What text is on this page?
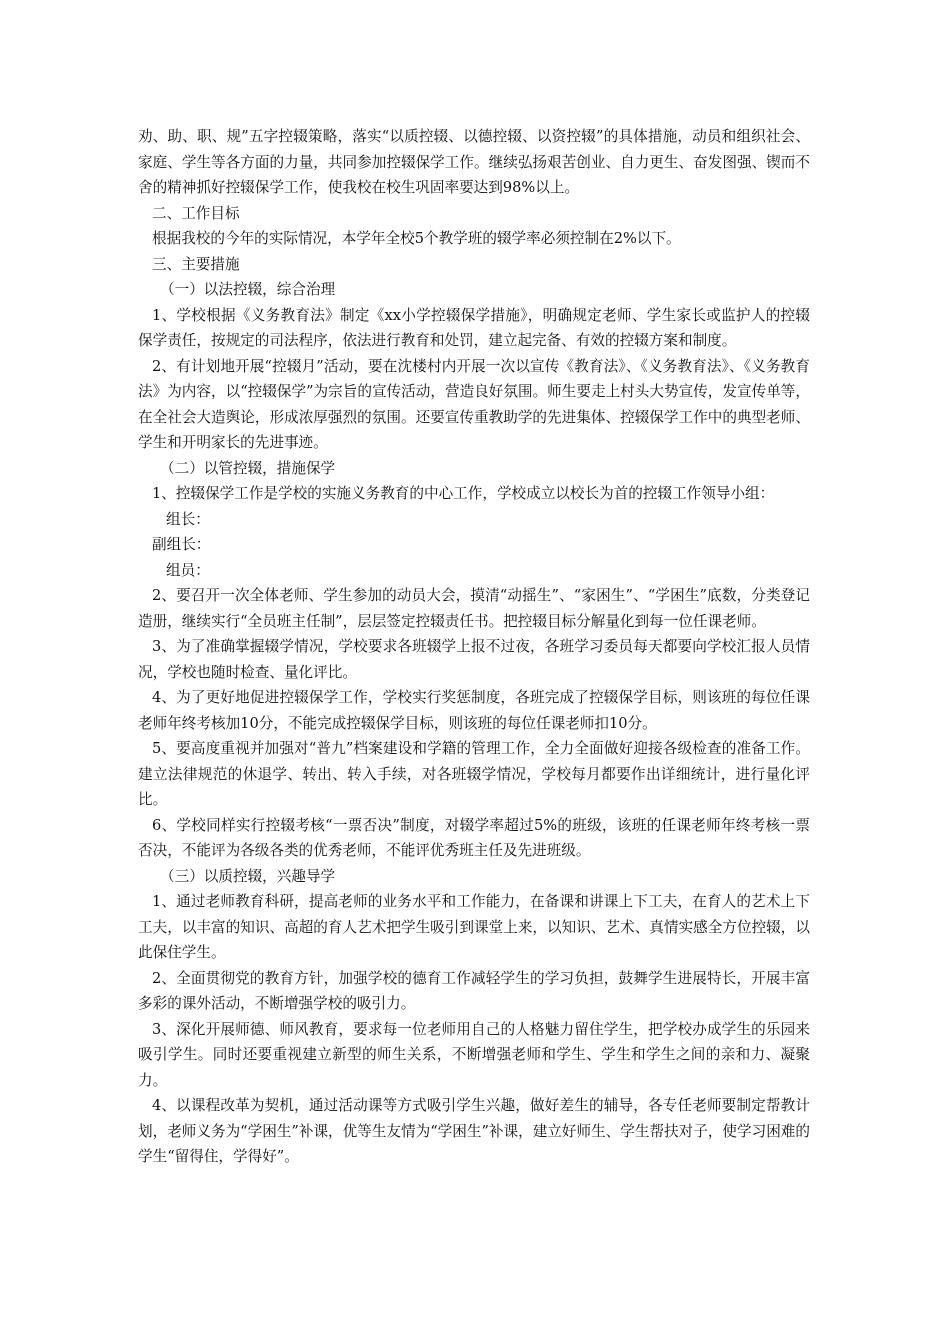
劝、助、职、规”五字控辍策略，落实“以质控辍、以德控辍、以资控辍”的具体措施，动员和组织社会、家庭、学生等各方面的力量，共同参加控辍保学工作。继续弘扬艰苦创业、自力更生、奋发图强、锲而不舍的精神抓好控辍保学工作，使我校在校生巩固率要达到98%以上。

二、工作目标

根据我校的今年的实际情况，本学年全校5个教学班的辍学率必须控制在2%以下。

三、主要措施

（一）以法控辍，综合治理

1、学校根据《义务教育法》制定《xx小学控辍保学措施》，明确规定老师、学生家长或监护人的控辍保学责任，按规定的司法程序，依法进行教育和处罚，建立起完备、有效的控辍方案和制度。

2、有计划地开展“控辍月”活动，要在沈楼村内开展一次以宣传《教育法》、《义务教育法》、《义务教育法》为内容，以“控辍保学”为宗旨的宣传活动，营造良好氛围。师生要走上村头大势宣传，发宣传单等，在全社会大造舆论，形成浓厚强烈的氛围。还要宣传重教助学的先进集体、控辍保学工作中的典型老师、学生和开明家长的先进事迹。

（二）以管控辍，措施保学

1、控辍保学工作是学校的实施义务教育的中心工作，学校成立以校长为首的控辍工作领导小组：

组长：

副组长：

组员：

2、要召开一次全体老师、学生参加的动员大会，摸清“动摇生”、“家困生”、“学困生”底数，分类登记造册，继续实行“全员班主任制”，层层签定控辍责任书。把控辍目标分解量化到每一位任课老师。

3、为了准确掌握辍学情况，学校要求各班辍学上报不过夜，各班学习委员每天都要向学校汇报人员情况，学校也随时检查、量化评比。

4、为了更好地促进控辍保学工作，学校实行奖惩制度，各班完成了控辍保学目标，则该班的每位任课老师年终考核加10分，不能完成控辍保学目标，则该班的每位任课老师扣10分。

5、要高度重视并加强对“普九”档案建设和学籍的管理工作，全力全面做好迎接各级检查的准备工作。建立法律规范的休退学、转出、转入手续，对各班辍学情况，学校每月都要作出详细统计，进行量化评比。

6、学校同样实行控辍考核“一票否决”制度，对辍学率超过5%的班级，该班的任课老师年终考核一票否决，不能评为各级各类的优秀老师，不能评优秀班主任及先进班级。

（三）以质控辍，兴趣导学

1、通过老师教育科研，提高老师的业务水平和工作能力，在备课和讲课上下工夫，在育人的艺术上下工夫，以丰富的知识、高超的育人艺术把学生吸引到课堂上来，以知识、艺术、真情实感全方位控辍，以此保住学生。

2、全面贯彻党的教育方针，加强学校的德育工作减轻学生的学习负担，鼓舞学生进展特长，开展丰富多彩的课外活动，不断增强学校的吸引力。

3、深化开展师德、师风教育，要求每一位老师用自己的人格魅力留住学生，把学校办成学生的乐园来吸引学生。同时还要重视建立新型的师生关系，不断增强老师和学生、学生和学生之间的亲和力、凝聚力。

4、以课程改革为契机，通过活动课等方式吸引学生兴趣，做好差生的辅导，各专任老师要制定帮教计划，老师义务为“学困生”补课，优等生友情为“学困生”补课，建立好师生、学生帮扶对子，使学习困难的学生“留得住，学得好”。
